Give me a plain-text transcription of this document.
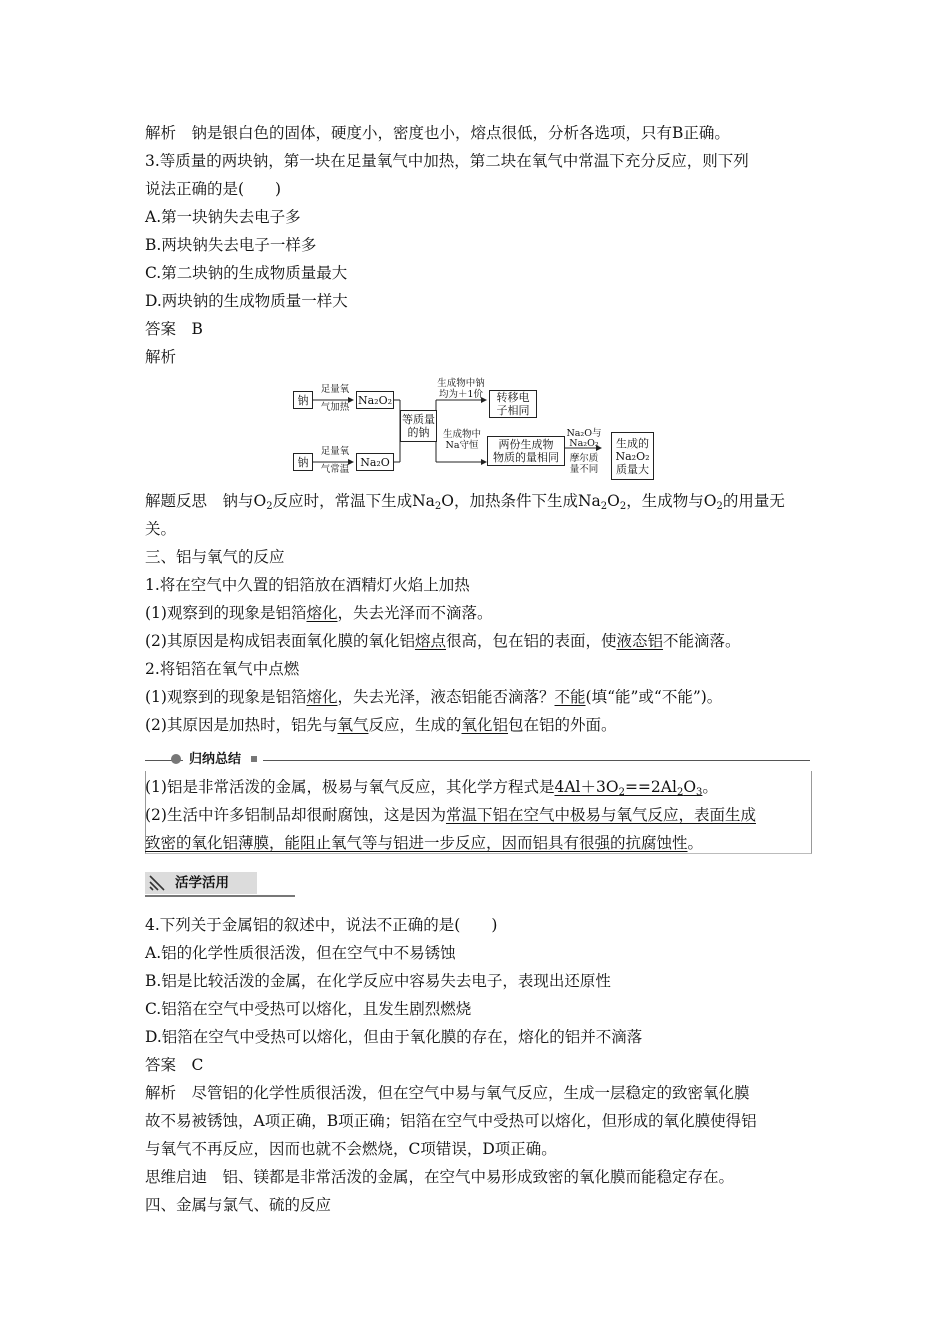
解析　钠是银白色的固体，硬度小，密度也小，熔点很低，分析各选项，只有B正确。
3.等质量的两块钠，第一块在足量氧气中加热，第二块在氧气中常温下充分反应，则下列
说法正确的是(　　)
A.第一块钠失去电子多
B.两块钠失去电子一样多
C.第二块钠的生成物质量最大
D.两块钠的生成物质量一样大
答案　B
解析
钠
钠
足量氧
气加热
足量氧
气常温
Na₂O₂
Na₂O
等质量
的钠
生成物中钠
均为＋1价	转移电
子相同
生成物中
Na守恒	两份生成物
物质的量相同
Na₂O与
Na₂O₂
摩尔质
量不同
生成的
Na₂O₂
质量大
解题反思　钠与$O_2$反应时，常温下生成$Na_2O$，加热条件下生成$Na_2O_2$，生成物与$O_2$的用量无
关。
三、铝与氧气的反应
1.将在空气中久置的铝箔放在酒精灯火焰上加热
(1)观察到的现象是铝箔熔化，失去光泽而不滴落。
(2)其原因是构成铝表面氧化膜的氧化铝熔点很高，包在铝的表面，使液态铝不能滴落。
2.将铝箔在氧气中点燃
(1)观察到的现象是铝箔熔化，失去光泽，液态铝能否滴落？不能(填“能”或“不能”)。
(2)其原因是加热时，铝先与氧气反应，生成的氧化铝包在铝的外面。
归纳总结
(1)铝是非常活泼的金属，极易与氧气反应，其化学方程式是$4Al+3O_2==2Al_2O_3$。
(2)生活中许多铝制品却很耐腐蚀，这是因为常温下铝在空气中极易与氧气反应，表面生成
致密的氧化铝薄膜，能阻止氧气等与铝进一步反应，因而铝具有很强的抗腐蚀性。
活学活用
4.下列关于金属铝的叙述中，说法不正确的是(　　)
A.铝的化学性质很活泼，但在空气中不易锈蚀
B.铝是比较活泼的金属，在化学反应中容易失去电子，表现出还原性
C.铝箔在空气中受热可以熔化，且发生剧烈燃烧
D.铝箔在空气中受热可以熔化，但由于氧化膜的存在，熔化的铝并不滴落
答案　C
解析　尽管铝的化学性质很活泼，但在空气中易与氧气反应，生成一层稳定的致密氧化膜
故不易被锈蚀，A项正确，B项正确；铝箔在空气中受热可以熔化，但形成的氧化膜使得铝
与氧气不再反应，因而也就不会燃烧，C项错误，D项正确。
思维启迪　铝、镁都是非常活泼的金属，在空气中易形成致密的氧化膜而能稳定存在。
四、金属与氯气、硫的反应
